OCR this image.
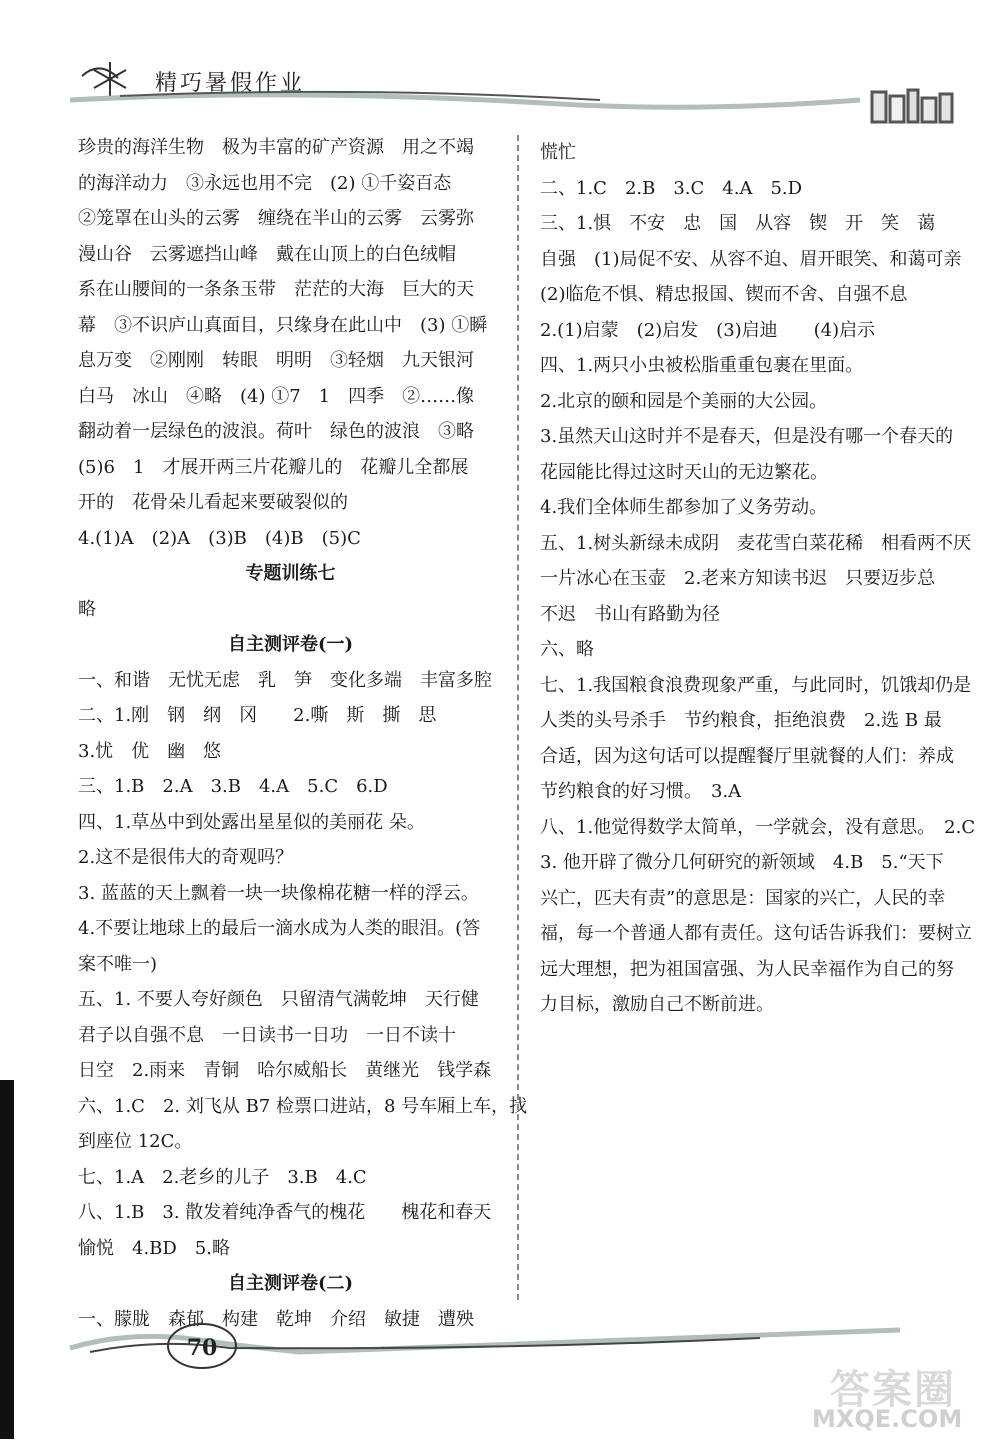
精巧暑假作业
珍贵的海洋生物　极为丰富的矿产资源　用之不竭
的海洋动力　③永远也用不完　(2) ①千姿百态
②笼罩在山头的云雾　缠绕在半山的云雾　云雾弥
漫山谷　云雾遮挡山峰　戴在山顶上的白色绒帽
系在山腰间的一条条玉带　茫茫的大海　巨大的天
幕　③不识庐山真面目，只缘身在此山中　(3) ①瞬
息万变　②刚刚　转眼　明明　③轻烟　九天银河
白马　冰山　④略　(4) ①7　1　四季　②……像
翻动着一层绿色的波浪。荷叶　绿色的波浪　③略
(5)6　1　才展开两三片花瓣儿的　花瓣儿全都展
开的　花骨朵儿看起来要破裂似的
4.(1)A　(2)A　(3)B　(4)B　(5)C
专题训练七
略
自主测评卷(一)
一、和谐　无忧无虑　乳　笋　变化多端　丰富多腔
二、1.刚　钢　纲　冈　　2.嘶　斯　撕　思
3.忧　优　幽　悠
三、1.B　2.A　3.B　4.A　5.C　6.D
四、1.草丛中到处露出星星似的美丽花 朵。
2.这不是很伟大的奇观吗？
3. 蓝蓝的天上飘着一块一块像棉花糖一样的浮云。
4.不要让地球上的最后一滴水成为人类的眼泪。(答
案不唯一)
五、1. 不要人夸好颜色　只留清气满乾坤　天行健
君子以自强不息　一日读书一日功　一日不读十
日空　2.雨来　青铜　哈尔威船长　黄继光　钱学森
六、1.C　2. 刘飞从 B7 检票口进站，8 号车厢上车，找
到座位 12C。
七、1.A　2.老乡的儿子　3.B　4.C
八、1.B　3. 散发着纯净香气的槐花　　槐花和春天
愉悦　4.BD　5.略
自主测评卷(二)
一、朦胧　森郁　构建　乾坤　介绍　敏捷　遭殃
慌忙
二、1.C　2.B　3.C　4.A　5.D
三、1.惧　不安　忠　国　从容　锲　开　笑　蔼
自强　(1)局促不安、从容不迫、眉开眼笑、和蔼可亲
(2)临危不惧、精忠报国、锲而不舍、自强不息
2.(1)启蒙　(2)启发　(3)启迪　　(4)启示
四、1.两只小虫被松脂重重包裹在里面。
2.北京的颐和园是个美丽的大公园。
3.虽然天山这时并不是春天，但是没有哪一个春天的
花园能比得过这时天山的无边繁花。
4.我们全体师生都参加了义务劳动。
五、1.树头新绿未成阴　麦花雪白菜花稀　相看两不厌
一片冰心在玉壶　2.老来方知读书迟　只要迈步总
不迟　书山有路勤为径
六、略
七、1.我国粮食浪费现象严重，与此同时，饥饿却仍是
人类的头号杀手　节约粮食，拒绝浪费　2.选 B 最
合适，因为这句话可以提醒餐厅里就餐的人们：养成
节约粮食的好习惯。　3.A
八、1.他觉得数学太简单，一学就会，没有意思。　2.C
3. 他开辟了微分几何研究的新领域　4.B　5.“天下
兴亡，匹夫有责”的意思是：国家的兴亡，人民的幸
福，每一个普通人都有责任。这句话告诉我们：要树立
远大理想，把为祖国富强、为人民幸福作为自己的努
力目标，激励自己不断前进。
70
答案圈
MXQE.COM
